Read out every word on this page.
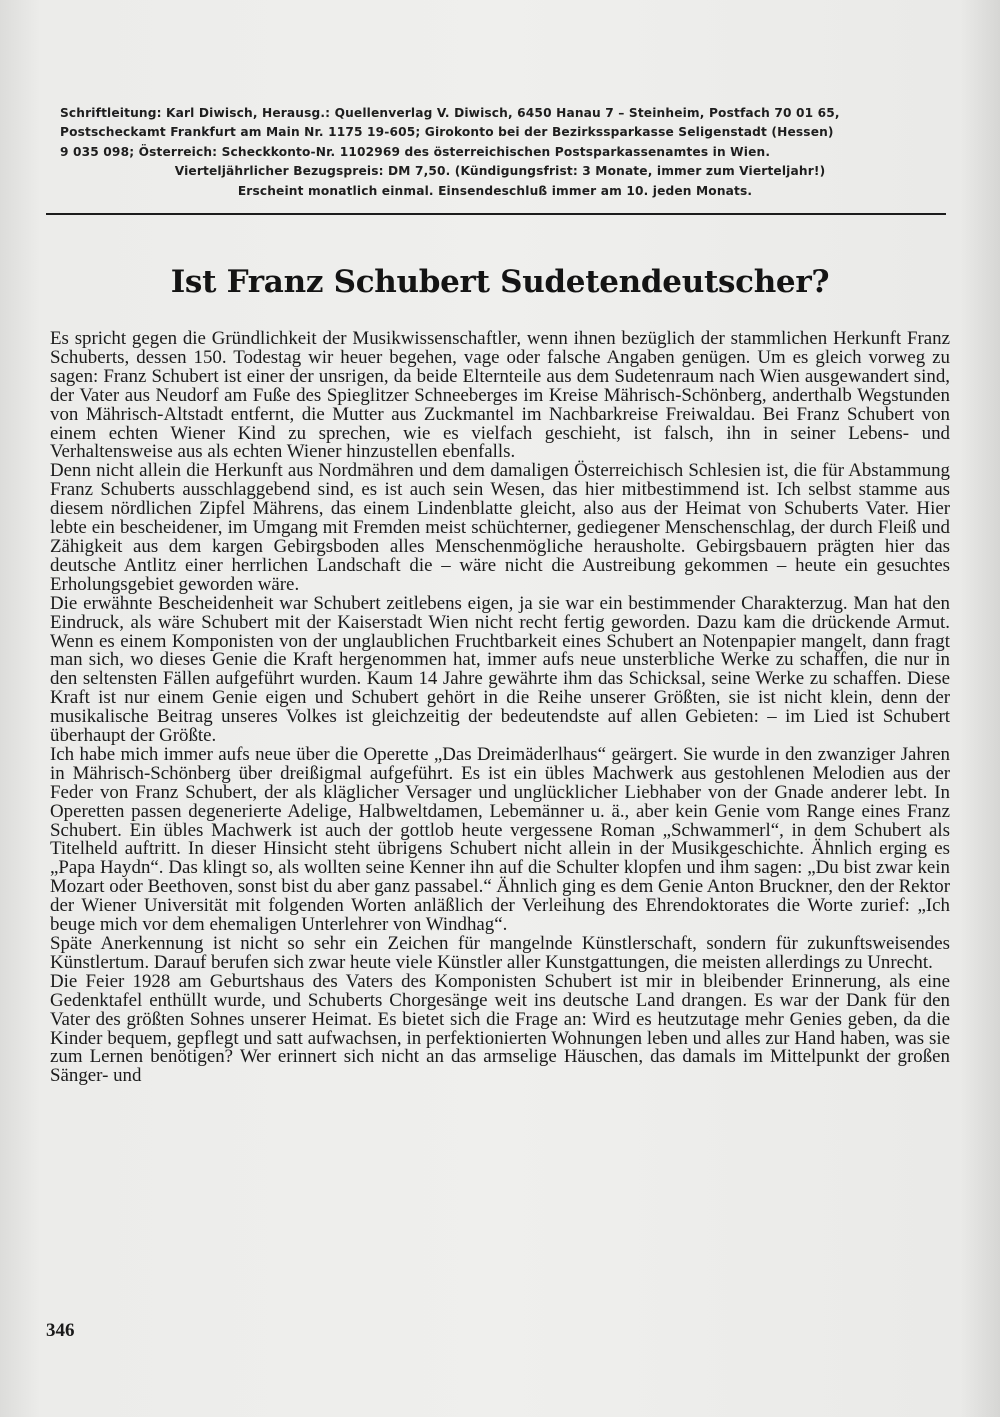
Schriftleitung: Karl Diwisch, Herausg.: Quellenverlag V. Diwisch, 6450 Hanau 7 – Steinheim, Postfach 70 01 65,
Postscheckamt Frankfurt am Main Nr. 1175 19-605; Girokonto bei der Bezirkssparkasse Seligenstadt (Hessen)
9 035 098; Österreich: Scheckkonto-Nr. 1102969 des österreichischen Postsparkassenamtes in Wien.
Vierteljährlicher Bezugspreis: DM 7,50. (Kündigungsfrist: 3 Monate, immer zum Vierteljahr!)
Erscheint monatlich einmal. Einsendeschluß immer am 10. jeden Monats.
Ist Franz Schubert Sudetendeutscher?

Es spricht gegen die Gründlichkeit der Musikwissenschaftler, wenn ihnen bezüglich der stammlichen Herkunft Franz Schuberts, dessen 150. Todestag wir heuer begehen, vage oder falsche Angaben genügen. Um es gleich vorweg zu sagen: Franz Schubert ist einer der unsrigen, da beide Elternteile aus dem Sudetenraum nach Wien ausgewandert sind, der Vater aus Neudorf am Fuße des Spieglitzer Schneeberges im Kreise Mährisch-Schönberg, anderthalb Wegstunden von Mährisch-Altstadt entfernt, die Mutter aus Zuckmantel im Nachbarkreise Freiwaldau. Bei Franz Schubert von einem echten Wiener Kind zu sprechen, wie es vielfach geschieht, ist falsch, ihn in seiner Lebens- und Verhaltensweise aus als echten Wiener hinzustellen ebenfalls.

Denn nicht allein die Herkunft aus Nordmähren und dem damaligen Österreichisch Schlesien ist, die für Abstammung Franz Schuberts ausschlaggebend sind, es ist auch sein Wesen, das hier mitbestimmend ist. Ich selbst stamme aus diesem nördlichen Zipfel Mährens, das einem Lindenblatte gleicht, also aus der Heimat von Schuberts Vater. Hier lebte ein bescheidener, im Umgang mit Fremden meist schüchterner, gediegener Menschenschlag, der durch Fleiß und Zähigkeit aus dem kargen Gebirgsboden alles Menschenmögliche herausholte. Gebirgsbauern prägten hier das deutsche Antlitz einer herrlichen Landschaft die – wäre nicht die Austreibung gekommen – heute ein gesuchtes Erholungsgebiet geworden wäre.

Die erwähnte Bescheidenheit war Schubert zeitlebens eigen, ja sie war ein bestimmender Charakterzug. Man hat den Eindruck, als wäre Schubert mit der Kaiserstadt Wien nicht recht fertig geworden. Dazu kam die drückende Armut. Wenn es einem Komponisten von der unglaublichen Fruchtbarkeit eines Schubert an Notenpapier mangelt, dann fragt man sich, wo dieses Genie die Kraft hergenommen hat, immer aufs neue unsterbliche Werke zu schaffen, die nur in den seltensten Fällen aufgeführt wurden. Kaum 14 Jahre gewährte ihm das Schicksal, seine Werke zu schaffen. Diese Kraft ist nur einem Genie eigen und Schubert gehört in die Reihe unserer Größten, sie ist nicht klein, denn der musikalische Beitrag unseres Volkes ist gleichzeitig der bedeutendste auf allen Gebieten: – im Lied ist Schubert überhaupt der Größte.

Ich habe mich immer aufs neue über die Operette „Das Dreimäderlhaus“ geärgert. Sie wurde in den zwanziger Jahren in Mährisch-Schönberg über dreißigmal aufgeführt. Es ist ein übles Machwerk aus gestohlenen Melodien aus der Feder von Franz Schubert, der als kläglicher Versager und unglücklicher Liebhaber von der Gnade anderer lebt. In Operetten passen degenerierte Adelige, Halbweltdamen, Lebemänner u. ä., aber kein Genie vom Range eines Franz Schubert. Ein übles Machwerk ist auch der gottlob heute vergessene Roman „Schwammerl“, in dem Schubert als Titelheld auftritt. In dieser Hinsicht steht übrigens Schubert nicht allein in der Musikgeschichte. Ähnlich erging es „Papa Haydn“. Das klingt so, als wollten seine Kenner ihn auf die Schulter klopfen und ihm sagen: „Du bist zwar kein Mozart oder Beethoven, sonst bist du aber ganz passabel.“ Ähnlich ging es dem Genie Anton Bruckner, den der Rektor der Wiener Universität mit folgenden Worten anläßlich der Verleihung des Ehrendoktorates die Worte zurief: „Ich beuge mich vor dem ehemaligen Unterlehrer von Windhag“.

Späte Anerkennung ist nicht so sehr ein Zeichen für mangelnde Künstlerschaft, sondern für zukunftsweisendes Künstlertum. Darauf berufen sich zwar heute viele Künstler aller Kunstgattungen, die meisten allerdings zu Unrecht.

Die Feier 1928 am Geburtshaus des Vaters des Komponisten Schubert ist mir in bleibender Erinnerung, als eine Gedenktafel enthüllt wurde, und Schuberts Chorgesänge weit ins deutsche Land drangen. Es war der Dank für den Vater des größten Sohnes unserer Heimat. Es bietet sich die Frage an: Wird es heutzutage mehr Genies geben, da die Kinder bequem, gepflegt und satt aufwachsen, in perfektionierten Wohnungen leben und alles zur Hand haben, was sie zum Lernen benötigen? Wer erinnert sich nicht an das armselige Häuschen, das damals im Mittelpunkt der großen Sänger- und

346
